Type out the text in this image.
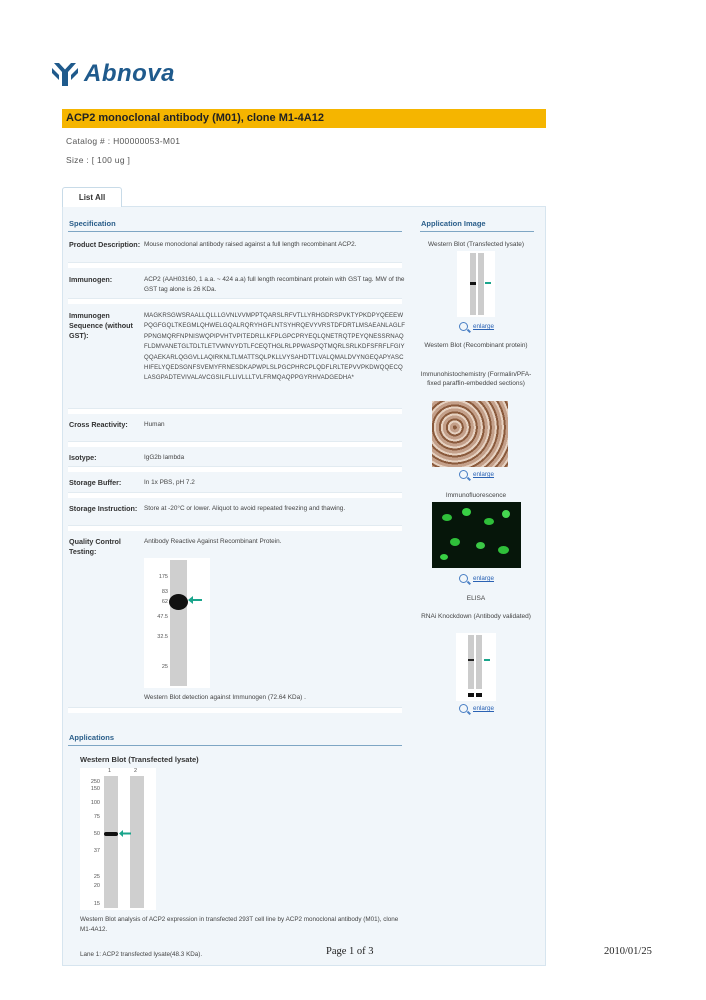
Abnova
ACP2 monoclonal antibody (M01), clone M1-4A12
Catalog # : H00000053-M01
Size : [ 100 ug ]
List All
Specification	Application Image
Product Description: Mouse monoclonal antibody raised against a full length recombinant ACP2.
Immunogen:	ACP2 (AAH03160, 1 a.a. ~ 424 a.a) full length recombinant protein with GST tag. MW of the GST tag alone is 26 KDa.
Immunogen Sequence (without GST):
MAGKRSGWSRAALLQLLLGVNLVVMPPTQARSLRFVTLLYRHGDRSPVKTYPKDPYQEEEWPQGFGQLTKEGMLQHWELGQALRQRYHGFLNTSYHRQEVYVRSTDFDRTLMSAEANLAGLFPPNGMQRFNPNISWQPIPVHTVPITEDRLLKFPLGPCPRYEQLQNETRQTPEYQNESSRNAQFLDMVANETGLTDLTLETVWNVYDTLFCEQTHGLRLPPWASPQTMQRLSRLKDFSFRFLFGIYQQAEKARLQGGVLLAQIRKNLTLMATTSQLPKLLVYSAHDTTLVALQMALDVYNGEQAPYASCHIFELYQEDSGNFSVEMYFRNESDKAPWPLSLPGCPHRCPLQDFLRLTEPVVPKDWQQECQLASGPADTEVIVALAVCGSILFLLIVLLLTVLFRMQAQPPGYRHVADGEDHA*
Cross Reactivity:	Human
Isotype:	IgG2b lambda
Storage Buffer:	In 1x PBS, pH 7.2
Storage Instruction:	Store at -20°C or lower. Aliquot to avoid repeated freezing and thawing.
Quality Control Testing:
Antibody Reactive Against Recombinant Protein.
175
83
62
47.5
32.5
25
Western Blot detection against Immunogen (72.64 KDa) .
Western Blot (Transfected lysate)
enlarge
Western Blot (Recombinant protein)
Immunohistochemistry (Formalin/PFA-fixed paraffin-embedded sections)
enlarge
Immunofluorescence
enlarge
ELISA
RNAi Knockdown (Antibody validated)
enlarge
Applications
Western Blot (Transfected lysate)
1	2
250
150
100
75
50
37
25
20
15
Western Blot analysis of ACP2 expression in transfected 293T cell line by ACP2 monoclonal antibody (M01), clone M1-4A12.
Lane 1: ACP2 transfected lysate(48.3 KDa).	Page 1 of 3	2010/01/25
